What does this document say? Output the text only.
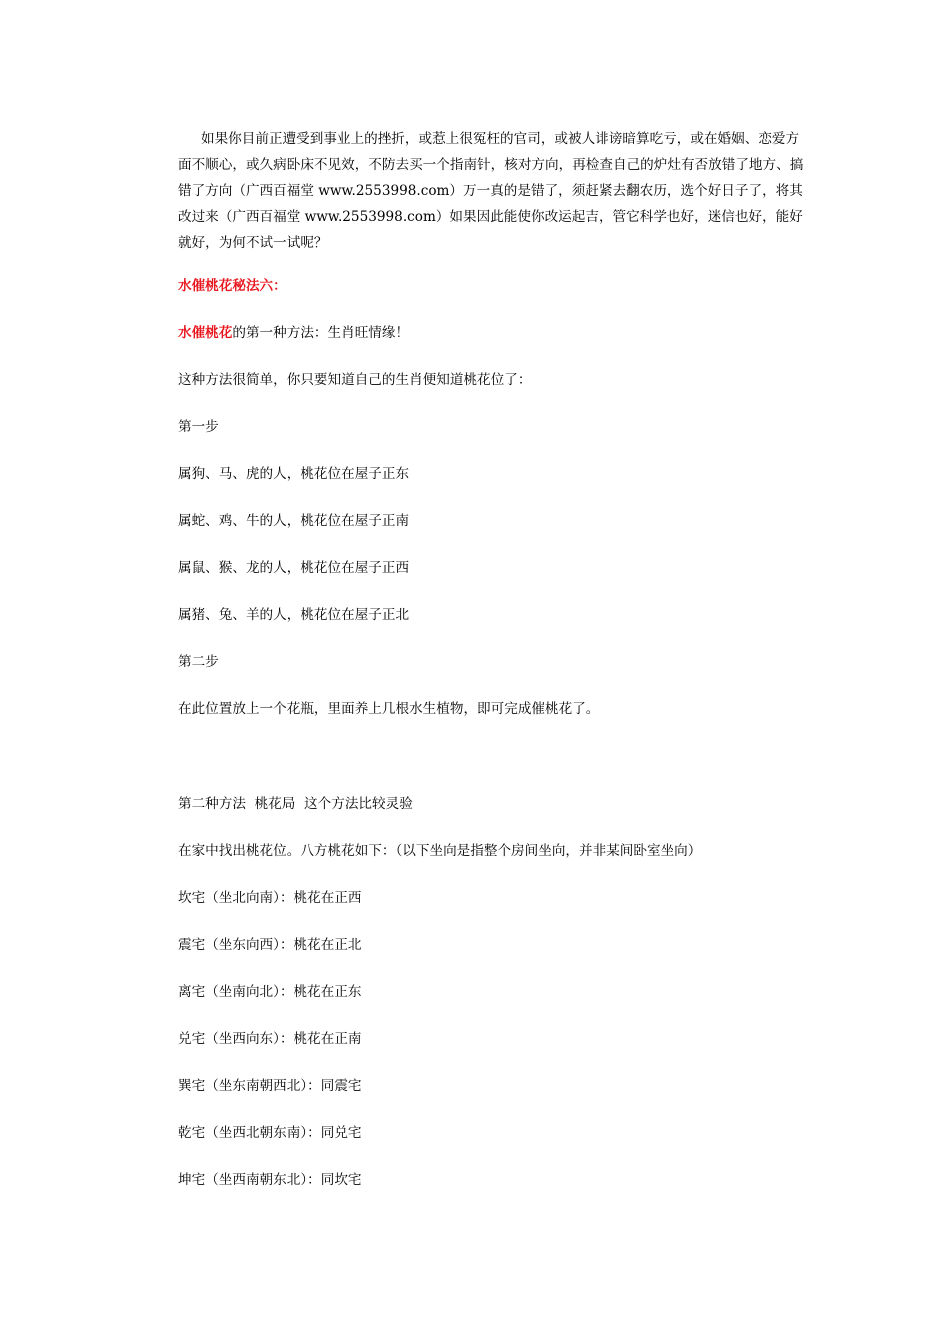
如果你目前正遭受到事业上的挫折，或惹上很冤枉的官司，或被人诽谤暗算吃亏，或在婚姻、恋爱方面不顺心，或久病卧床不见效，不防去买一个指南针，核对方向，再检查自己的炉灶有否放错了地方、搞错了方向（广西百福堂 www.2553998.com）万一真的是错了，须赶紧去翻农历，选个好日子了，将其改过来（广西百福堂 www.2553998.com）如果因此能使你改运起吉，管它科学也好，迷信也好，能好就好，为何不试一试呢？

水催桃花秘法六：
水催桃花的第一种方法：生肖旺情缘！
这种方法很简单，你只要知道自己的生肖便知道桃花位了：
第一步
属狗、马、虎的人，桃花位在屋子正东
属蛇、鸡、牛的人，桃花位在屋子正南
属鼠、猴、龙的人，桃花位在屋子正西
属猪、兔、羊的人，桃花位在屋子正北
第二步
在此位置放上一个花瓶，里面养上几根水生植物，即可完成催桃花了。
第二种方法  桃花局  这个方法比较灵验
在家中找出桃花位。八方桃花如下：（以下坐向是指整个房间坐向，并非某间卧室坐向）
坎宅（坐北向南）：桃花在正西
震宅（坐东向西）：桃花在正北
离宅（坐南向北）：桃花在正东
兑宅（坐西向东）：桃花在正南
巽宅（坐东南朝西北）：同震宅
乾宅（坐西北朝东南）：同兑宅
坤宅（坐西南朝东北）：同坎宅
